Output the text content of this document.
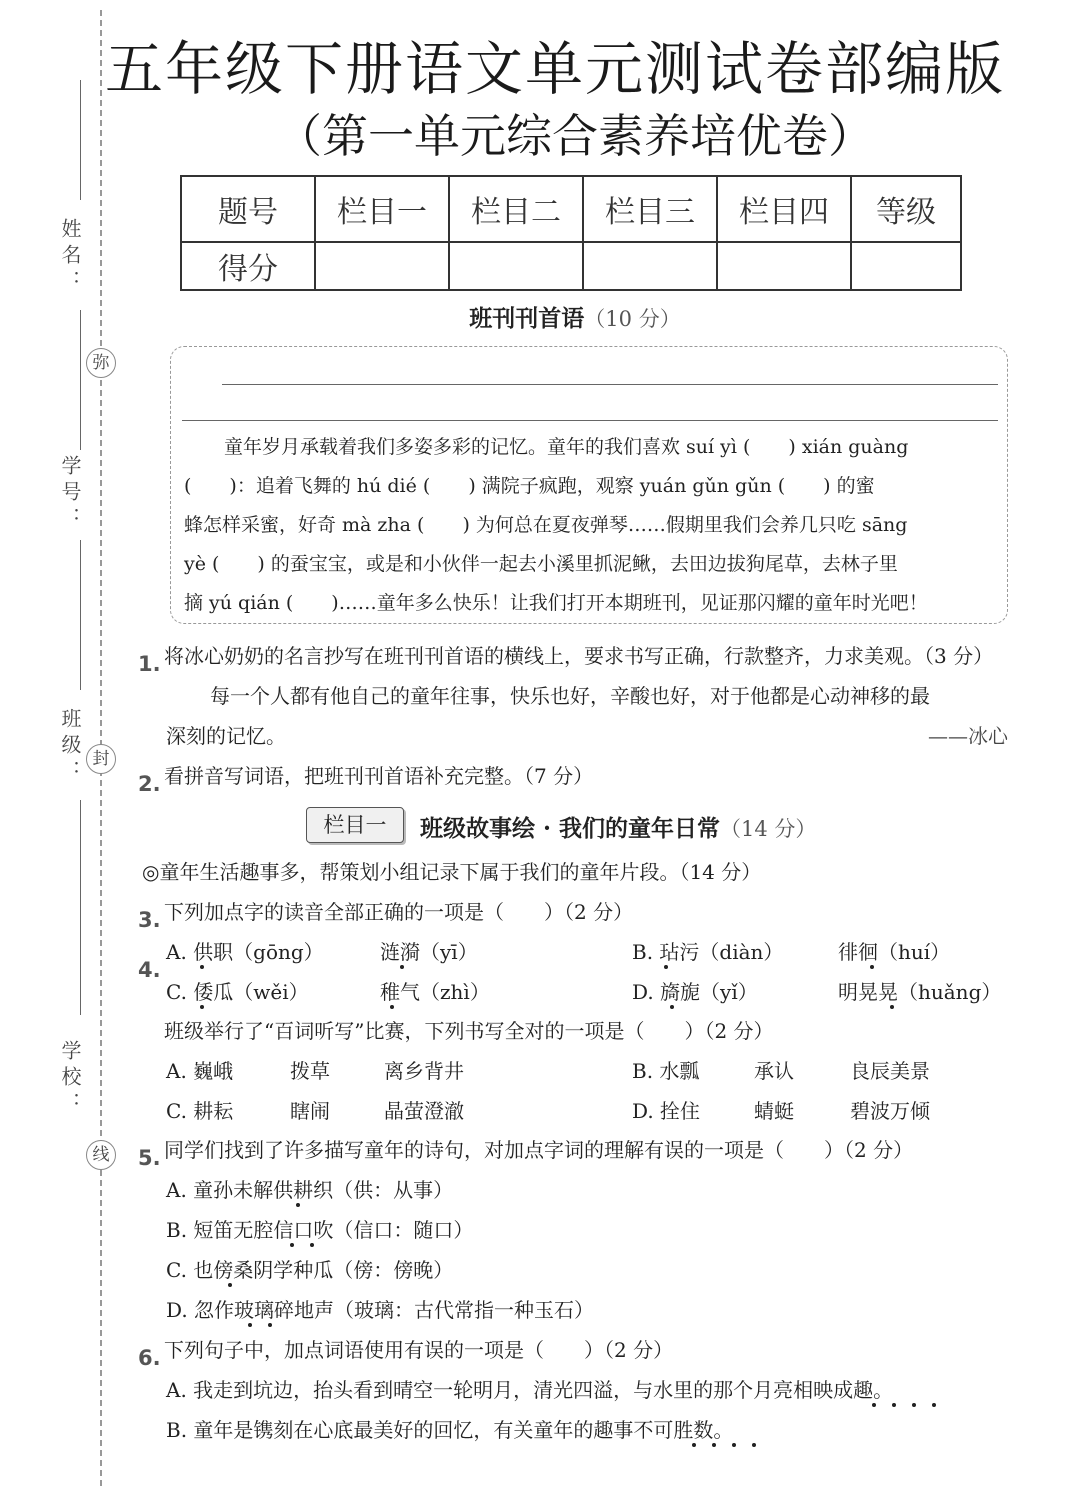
姓名：
学号：
班级：
学校：
弥
封
线
五年级下册语文单元测试卷部编版
（第一单元综合素养培优卷）
题号	栏目一	栏目二	栏目三	栏目四	等级
得分					
班刊刊首语（10 分）
童年岁月承载着我们多姿多彩的记忆。童年的我们喜欢 suí yì (　　) xián guàng
(　　)：追着飞舞的 hú dié (　　) 满院子疯跑，观察 yuán gǔn gǔn (　　) 的蜜
蜂怎样采蜜，好奇 mà zha (　　) 为何总在夏夜弹琴……假期里我们会养几只吃 sāng
yè (　　) 的蚕宝宝，或是和小伙伴一起去小溪里抓泥鳅，去田边拔狗尾草，去林子里
摘 yú qián (　　)……童年多么快乐！让我们打开本期班刊，见证那闪耀的童年时光吧！
1. 将冰心奶奶的名言抄写在班刊刊首语的横线上，要求书写正确，行款整齐，力求美观。（3 分）
每一个人都有他自己的童年往事，快乐也好，辛酸也好，对于他都是心动神移的最
深刻的记忆。	——冰心
2. 看拼音写词语，把班刊刊首语补充完整。（7 分）
栏目一	班级故事绘 · 我们的童年日常（14 分）
◎童年生活趣事多，帮策划小组记录下属于我们的童年片段。（14 分）
3. 下列加点字的读音全部正确的一项是（　　）（2 分）
A. 供职（gōng）	涟漪（yī）	B. 玷污（diàn）	徘徊（huí）
4.
C. 倭瓜（wěi）	稚气（zhì）	D. 旖旎（yǐ）	明晃晃（huǎng）
班级举行了“百词听写”比赛，下列书写全对的一项是（　　）（2 分）
A. 巍峨	拨草	离乡背井	B. 水瓢	承认	良辰美景
C. 耕耘	瞎闹	晶萤澄澈	D. 拴住	蜻蜓	碧波万倾
5. 同学们找到了许多描写童年的诗句，对加点字词的理解有误的一项是（　　）（2 分）
A. 童孙未解供耕织（供：从事）
B. 短笛无腔信口吹（信口：随口）
C. 也傍桑阴学种瓜（傍：傍晚）
D. 忽作玻璃碎地声（玻璃：古代常指一种玉石）
6. 下列句子中，加点词语使用有误的一项是（　　）（2 分）
A. 我走到坑边，抬头看到晴空一轮明月，清光四溢，与水里的那个月亮相映成趣。
B. 童年是镌刻在心底最美好的回忆，有关童年的趣事不可胜数。
